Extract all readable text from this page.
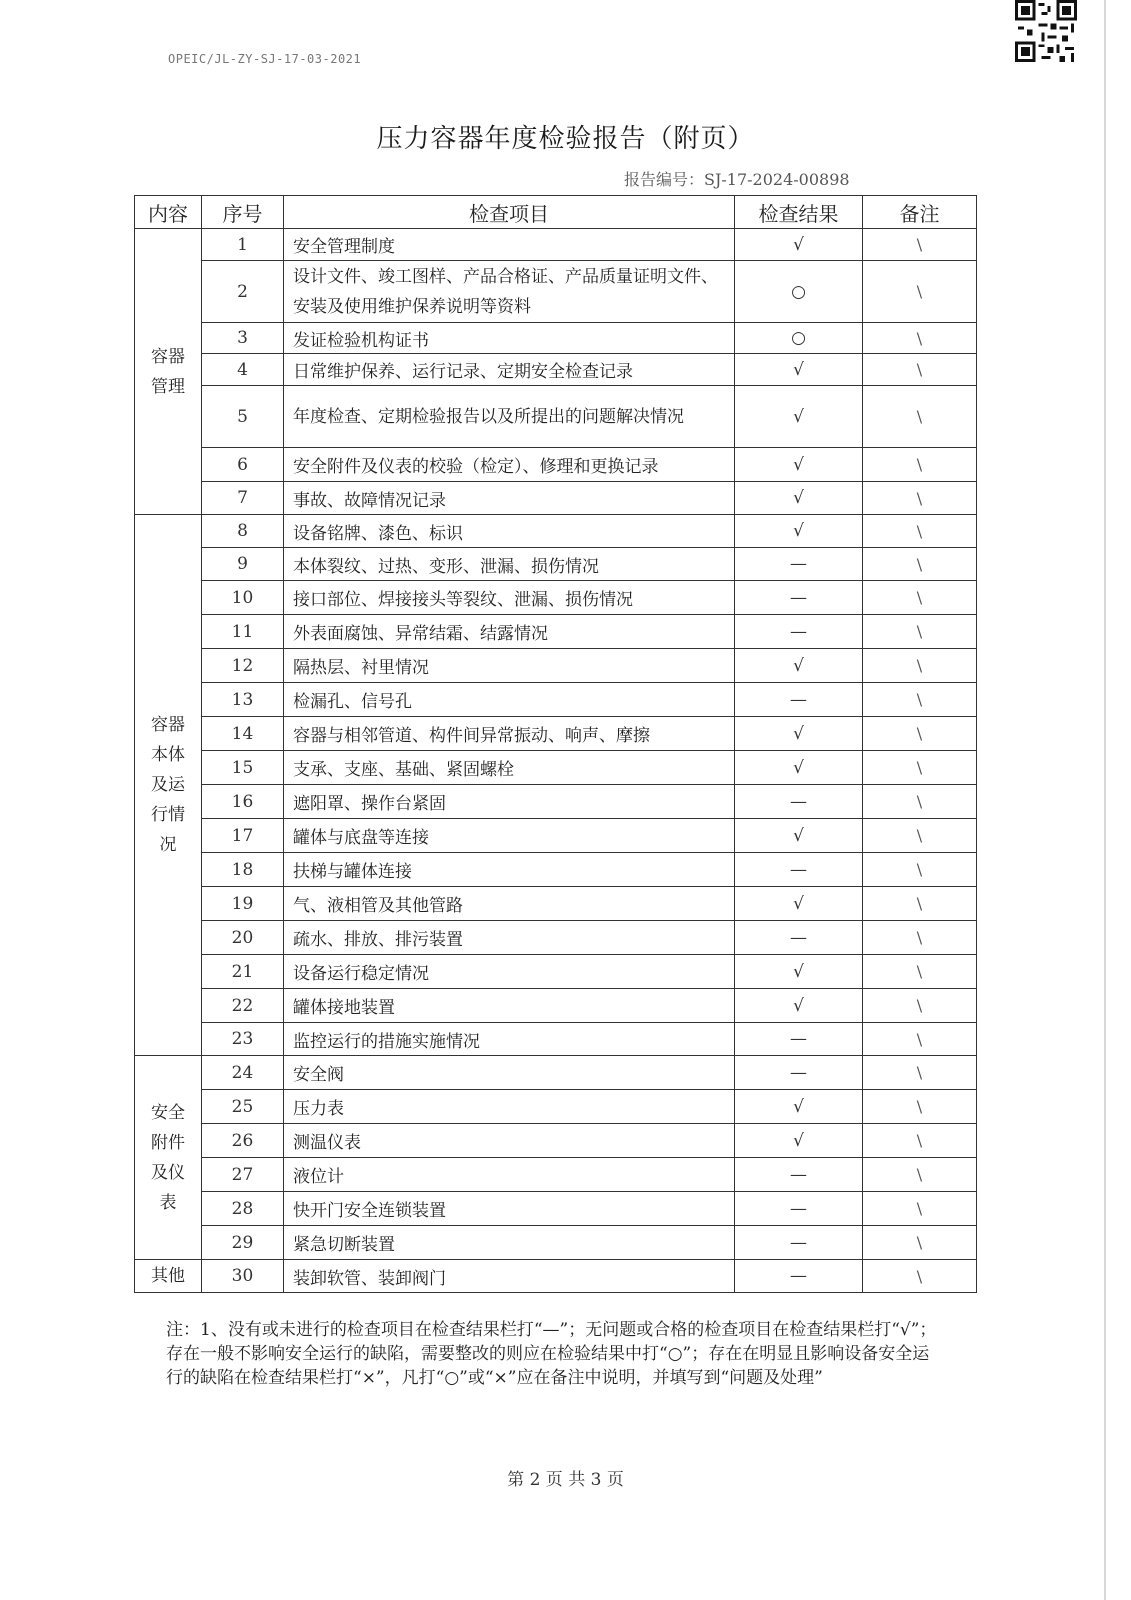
OPEIC/JL-ZY-SJ-17-03-2021
压力容器年度检验报告（附页）
报告编号：SJ-17-2024-00898
内容	序号	检查项目	检查结果	备注

容器
管理	1	安全管理制度	√	\
	2	设计文件、竣工图样、产品合格证、产品质量证明文件、安装及使用维护保养说明等资料	○	\
	3	发证检验机构证书	○	\
	4	日常维护保养、运行记录、定期安全检查记录	√	\
	5	年度检查、定期检验报告以及所提出的问题解决情况	√	\
	6	安全附件及仪表的校验（检定）、修理和更换记录	√	\
	7	事故、故障情况记录	√	\

容器
本体
及运
行情
况	8	设备铭牌、漆色、标识	√	\
	9	本体裂纹、过热、变形、泄漏、损伤情况	—	\
	10	接口部位、焊接接头等裂纹、泄漏、损伤情况	—	\
	11	外表面腐蚀、异常结霜、结露情况	—	\
	12	隔热层、衬里情况	√	\
	13	检漏孔、信号孔	—	\
	14	容器与相邻管道、构件间异常振动、响声、摩擦	√	\
	15	支承、支座、基础、紧固螺栓	√	\
	16	遮阳罩、操作台紧固	—	\
	17	罐体与底盘等连接	√	\
	18	扶梯与罐体连接	—	\
	19	气、液相管及其他管路	√	\
	20	疏水、排放、排污装置	—	\
	21	设备运行稳定情况	√	\
	22	罐体接地装置	√	\
	23	监控运行的措施实施情况	—	\

安全
附件
及仪
表	24	安全阀	—	\
	25	压力表	√	\
	26	测温仪表	√	\
	27	液位计	—	\
	28	快开门安全连锁装置	—	\
	29	紧急切断装置	—	\

其他	30	装卸软管、装卸阀门	—	\
注：1、没有或未进行的检查项目在检查结果栏打“—”；无问题或合格的检查项目在检查结果栏打“√”；存在一般不影响安全运行的缺陷，需要整改的则应在检验结果中打“○”；存在在明显且影响设备安全运行的缺陷在检查结果栏打“×”，凡打“○”或“×”应在备注中说明，并填写到“问题及处理”
第 2 页 共 3 页
